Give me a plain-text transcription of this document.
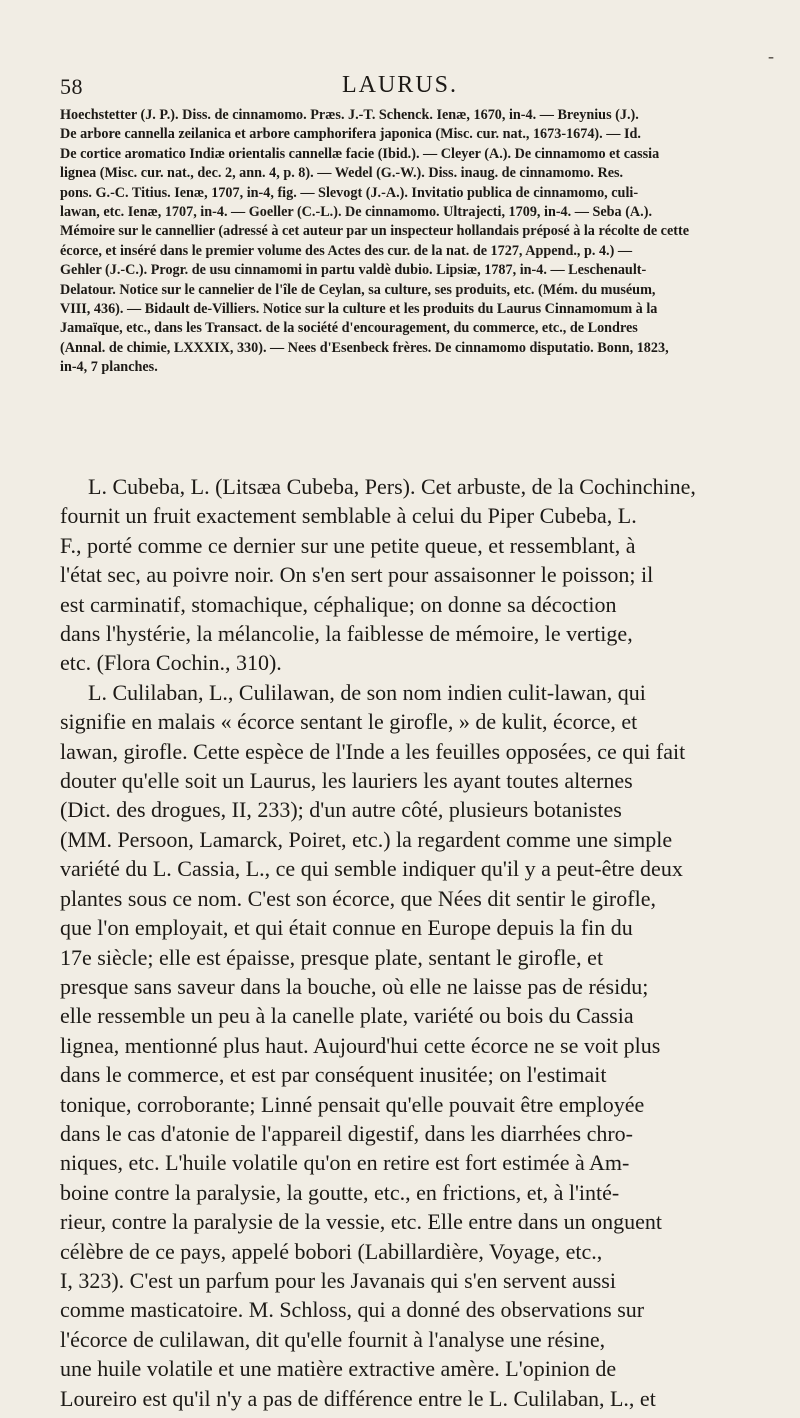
58	LAURUS.
-
Hoechstetter (J. P.). Diss. de cinnamomo. Præs. J.-T. Schenck. Ienæ, 1670, in-4. — Breynius (J.).
De arbore cannella zeilanica et arbore camphorifera japonica (Misc. cur. nat., 1673-1674). — Id.
De cortice aromatico Indiæ orientalis cannellæ facie (Ibid.). — Cleyer (A.). De cinnamomo et cassia
lignea (Misc. cur. nat., dec. 2, ann. 4, p. 8). — Wedel (G.-W.). Diss. inaug. de cinnamomo. Res.
pons. G.-C. Titius. Ienæ, 1707, in-4, fig. — Slevogt (J.-A.). Invitatio publica de cinnamomo, culi-
lawan, etc. Ienæ, 1707, in-4. — Goeller (C.-L.). De cinnamomo. Ultrajecti, 1709, in-4. — Seba (A.).
Mémoire sur le cannellier (adressé à cet auteur par un inspecteur hollandais préposé à la récolte de cette
écorce, et inséré dans le premier volume des Actes des cur. de la nat. de 1727, Append., p. 4.) —
Gehler (J.-C.). Progr. de usu cinnamomi in partu valdè dubio. Lipsiæ, 1787, in-4. — Leschenault-
Delatour. Notice sur le cannelier de l'île de Ceylan, sa culture, ses produits, etc. (Mém. du muséum,
VIII, 436). — Bidault de-Villiers. Notice sur la culture et les produits du Laurus Cinnamomum à la
Jamaïque, etc., dans les Transact. de la société d'encouragement, du commerce, etc., de Londres
(Annal. de chimie, LXXXIX, 330). — Nees d'Esenbeck frères. De cinnamomo disputatio. Bonn, 1823,
in-4, 7 planches.
L. Cubeba, L. (Litsæa Cubeba, Pers). Cet arbuste, de la Cochinchine,
fournit un fruit exactement semblable à celui du Piper Cubeba, L.
F., porté comme ce dernier sur une petite queue, et ressemblant, à
l'état sec, au poivre noir. On s'en sert pour assaisonner le poisson; il
est carminatif, stomachique, céphalique; on donne sa décoction
dans l'hystérie, la mélancolie, la faiblesse de mémoire, le vertige,
etc. (Flora Cochin., 310).
L. Culilaban, L., Culilawan, de son nom indien culit-lawan, qui
signifie en malais « écorce sentant le girofle, » de kulit, écorce, et
lawan, girofle. Cette espèce de l'Inde a les feuilles opposées, ce qui fait
douter qu'elle soit un Laurus, les lauriers les ayant toutes alternes
(Dict. des drogues, II, 233); d'un autre côté, plusieurs botanistes
(MM. Persoon, Lamarck, Poiret, etc.) la regardent comme une simple
variété du L. Cassia, L., ce qui semble indiquer qu'il y a peut-être deux
plantes sous ce nom. C'est son écorce, que Nées dit sentir le girofle,
que l'on employait, et qui était connue en Europe depuis la fin du
17e siècle; elle est épaisse, presque plate, sentant le girofle, et
presque sans saveur dans la bouche, où elle ne laisse pas de résidu;
elle ressemble un peu à la canelle plate, variété ou bois du Cassia
lignea, mentionné plus haut. Aujourd'hui cette écorce ne se voit plus
dans le commerce, et est par conséquent inusitée; on l'estimait
tonique, corroborante; Linné pensait qu'elle pouvait être employée
dans le cas d'atonie de l'appareil digestif, dans les diarrhées chro-
niques, etc. L'huile volatile qu'on en retire est fort estimée à Am-
boine contre la paralysie, la goutte, etc., en frictions, et, à l'inté-
rieur, contre la paralysie de la vessie, etc. Elle entre dans un onguent
célèbre de ce pays, appelé bobori (Labillardière, Voyage, etc.,
I, 323). C'est un parfum pour les Javanais qui s'en servent aussi
comme masticatoire. M. Schloss, qui a donné des observations sur
l'écorce de culilawan, dit qu'elle fournit à l'analyse une résine,
une huile volatile et une matière extractive amère. L'opinion de
Loureiro est qu'il n'y a pas de différence entre le L. Culilaban, L., et
